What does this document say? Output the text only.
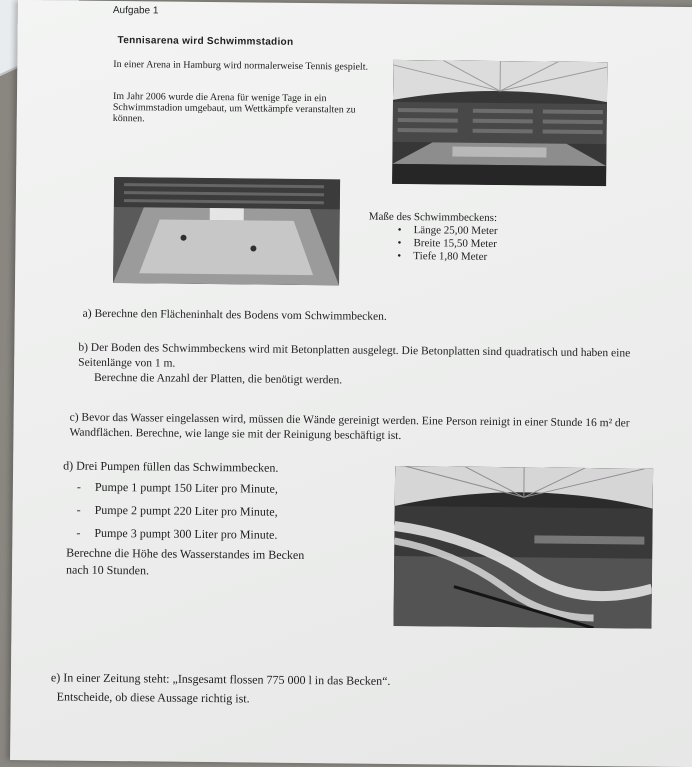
Aufgabe 1
Tennisarena wird Schwimmstadion
In einer Arena in Hamburg wird normalerweise Tennis gespielt.
Im Jahr 2006 wurde die Arena für wenige Tage in ein Schwimmstadion umgebaut, um Wettkämpfe veranstalten zu können.
Maße des Schwimmbeckens:
• Länge 25,00 Meter
• Breite 15,50 Meter
• Tiefe 1,80 Meter
a) Berechne den Flächeninhalt des Bodens vom Schwimmbecken.
b) Der Boden des Schwimmbeckens wird mit Betonplatten ausgelegt. Die Betonplatten sind quadratisch und haben eine Seitenlänge von 1 m.
Berechne die Anzahl der Platten, die benötigt werden.
c) Bevor das Wasser eingelassen wird, müssen die Wände gereinigt werden. Eine Person reinigt in einer Stunde 16 m² der Wandflächen. Berechne, wie lange sie mit der Reinigung beschäftigt ist.
d) Drei Pumpen füllen das Schwimmbecken.
- Pumpe 1 pumpt 150 Liter pro Minute,
- Pumpe 2 pumpt 220 Liter pro Minute,
- Pumpe 3 pumpt 300 Liter pro Minute.
Berechne die Höhe des Wasserstandes im Becken nach 10 Stunden.
e) In einer Zeitung steht: „Insgesamt flossen 775 000 l in das Becken“.
Entscheide, ob diese Aussage richtig ist.
